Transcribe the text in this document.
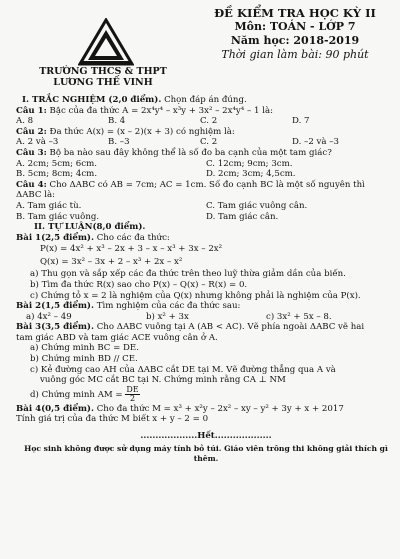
TRƯỜNG THCS & THPT
LƯƠNG THẾ VINH
ĐỀ KIỂM TRA HỌC KỲ II
Môn: TOÁN - LỚP 7
Năm học: 2018-2019
Thời gian làm bài: 90 phút
I. TRẮC NGHIỆM (2,0 điểm). Chọn đáp án đúng.
Câu 1: Bậc của đa thức A = 2x⁴y⁴ – x³y + 3x² – 2x⁴y⁴ – 1 là:
A. 8	B. 4	C. 2	D. 7
Câu 2: Đa thức A(x) = (x – 2)(x + 3) có nghiệm là:
A. 2 và –3	B. –3	C. 2	D. –2 và –3
Câu 3: Bộ ba nào sau đây không thể là số đo ba cạnh của một tam giác?
A. 2cm; 5cm; 6cm.	C. 12cm; 9cm; 3cm.
B. 5cm; 8cm; 4cm.	D. 2cm; 3cm; 4,5cm.
Câu 4: Cho ΔABC có AB = 7cm; AC = 1cm. Số đo cạnh BC là một số nguyên thì
ΔABC là:
A. Tam giác tù.	C. Tam giác vuông cân.
B. Tam giác vuông.	D. Tam giác cân.
II. TỰ LUẬN(8,0 điểm).
Bài 1(2,5 điểm). Cho các đa thức:
P(x) = 4x² + x³ – 2x + 3 – x – x³ + 3x – 2x²
Q(x) = 3x² – 3x + 2 – x³ + 2x – x²
a) Thu gọn và sắp xếp các đa thức trên theo luỹ thừa giảm dần của biến.
b) Tìm đa thức R(x) sao cho P(x) – Q(x) – R(x) = 0.
c) Chứng tỏ x = 2 là nghiệm của Q(x) nhưng không phải là nghiệm của P(x).
Bài 2(1,5 điểm). Tìm nghiệm của các đa thức sau:
a) 4x² – 49	b) x² + 3x	c) 3x² + 5x – 8.
Bài 3(3,5 điểm). Cho ΔABC vuông tại A (AB < AC). Vẽ phía ngoài ΔABC vẽ hai
tam giác ABD và tam giác ACE vuông cân ở A.
a) Chứng minh BC = DE.
b) Chứng minh BD // CE.
c) Kẻ đường cao AH của ΔABC cắt DE tại M. Vẽ đường thẳng qua A và
vuông góc MC cắt BC tại N. Chứng minh rằng CA ⊥ NM
d) Chứng minh AM = $\frac{DE}{2}$
Bài 4(0,5 điểm). Cho đa thức M = x³ + x²y – 2x² – xy – y² + 3y + x + 2017
Tính giá trị của đa thức M biết x + y – 2 = 0
...................Hết...................
Học sinh không được sử dụng máy tính bỏ túi. Giáo viên trông thi không giải thích gì thêm.
